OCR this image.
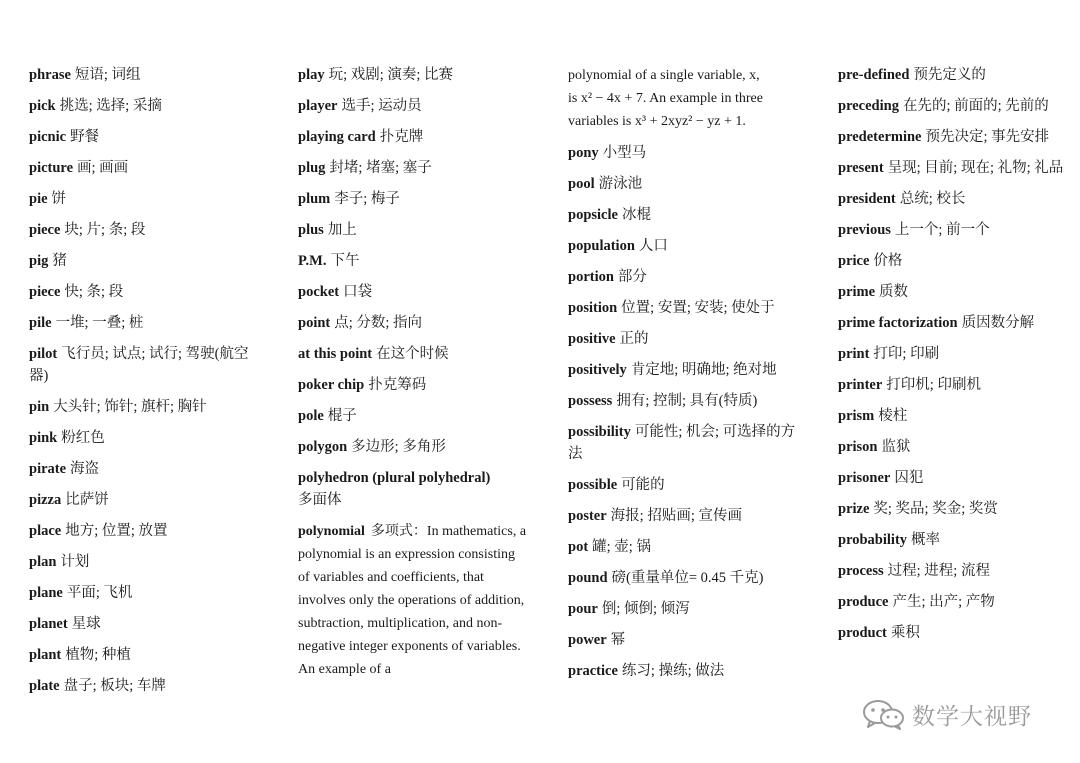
phrase 短语; 词组
pick 挑选; 选择; 采摘
picnic 野餐
picture 画; 画画
pie 饼
piece 块; 片; 条; 段
pig 猪
piece 快; 条; 段
pile 一堆; 一叠; 桩
pilot 飞行员; 试点; 试行; 驾驶(航空器)
pin 大头针; 饰针; 旗杆; 胸针
pink 粉红色
pirate 海盗
pizza 比萨饼
place 地方; 位置; 放置
plan 计划
plane 平面; 飞机
planet 星球
plant 植物; 种植
plate 盘子; 板块; 车牌
play 玩; 戏剧; 演奏; 比赛
player 选手; 运动员
playing card 扑克牌
plug 封堵; 堵塞; 塞子
plum 李子; 梅子
plus 加上
P.M. 下午
pocket 口袋
point 点; 分数; 指向
at this point 在这个时候
poker chip 扑克筹码
pole 棍子
polygon 多边形; 多角形
polyhedron (plural polyhedral)
多面体
polynomial 多项式：In mathematics, a polynomial is an expression consisting of variables and coefficients, that involves only the operations of addition, subtraction, multiplication, and non-negative integer exponents of variables. An example of a
polynomial of a single variable, x,
is x² − 4x + 7. An example in three
variables is x³ + 2xyz² − yz + 1.
pony 小型马
pool 游泳池
popsicle 冰棍
population 人口
portion 部分
position 位置; 安置; 安装; 使处于
positive 正的
positively 肯定地; 明确地; 绝对地
possess 拥有; 控制; 具有(特质)
possibility 可能性; 机会; 可选择的方法
possible 可能的
poster 海报; 招贴画; 宣传画
pot 罐; 壶; 锅
pound 磅(重量单位= 0.45 千克)
pour 倒; 倾倒; 倾泻
power 幂
practice 练习; 操练; 做法
pre-defined 预先定义的
preceding 在先的; 前面的; 先前的
predetermine 预先决定; 事先安排
present 呈现; 目前; 现在; 礼物; 礼品
president 总统; 校长
previous 上一个; 前一个
price 价格
prime 质数
prime factorization 质因数分解
print 打印; 印刷
printer 打印机; 印刷机
prism 棱柱
prison 监狱
prisoner 囚犯
prize 奖; 奖品; 奖金; 奖赏
probability 概率
process 过程; 进程; 流程
produce 产生; 出产; 产物
product 乘积
数学大视野
